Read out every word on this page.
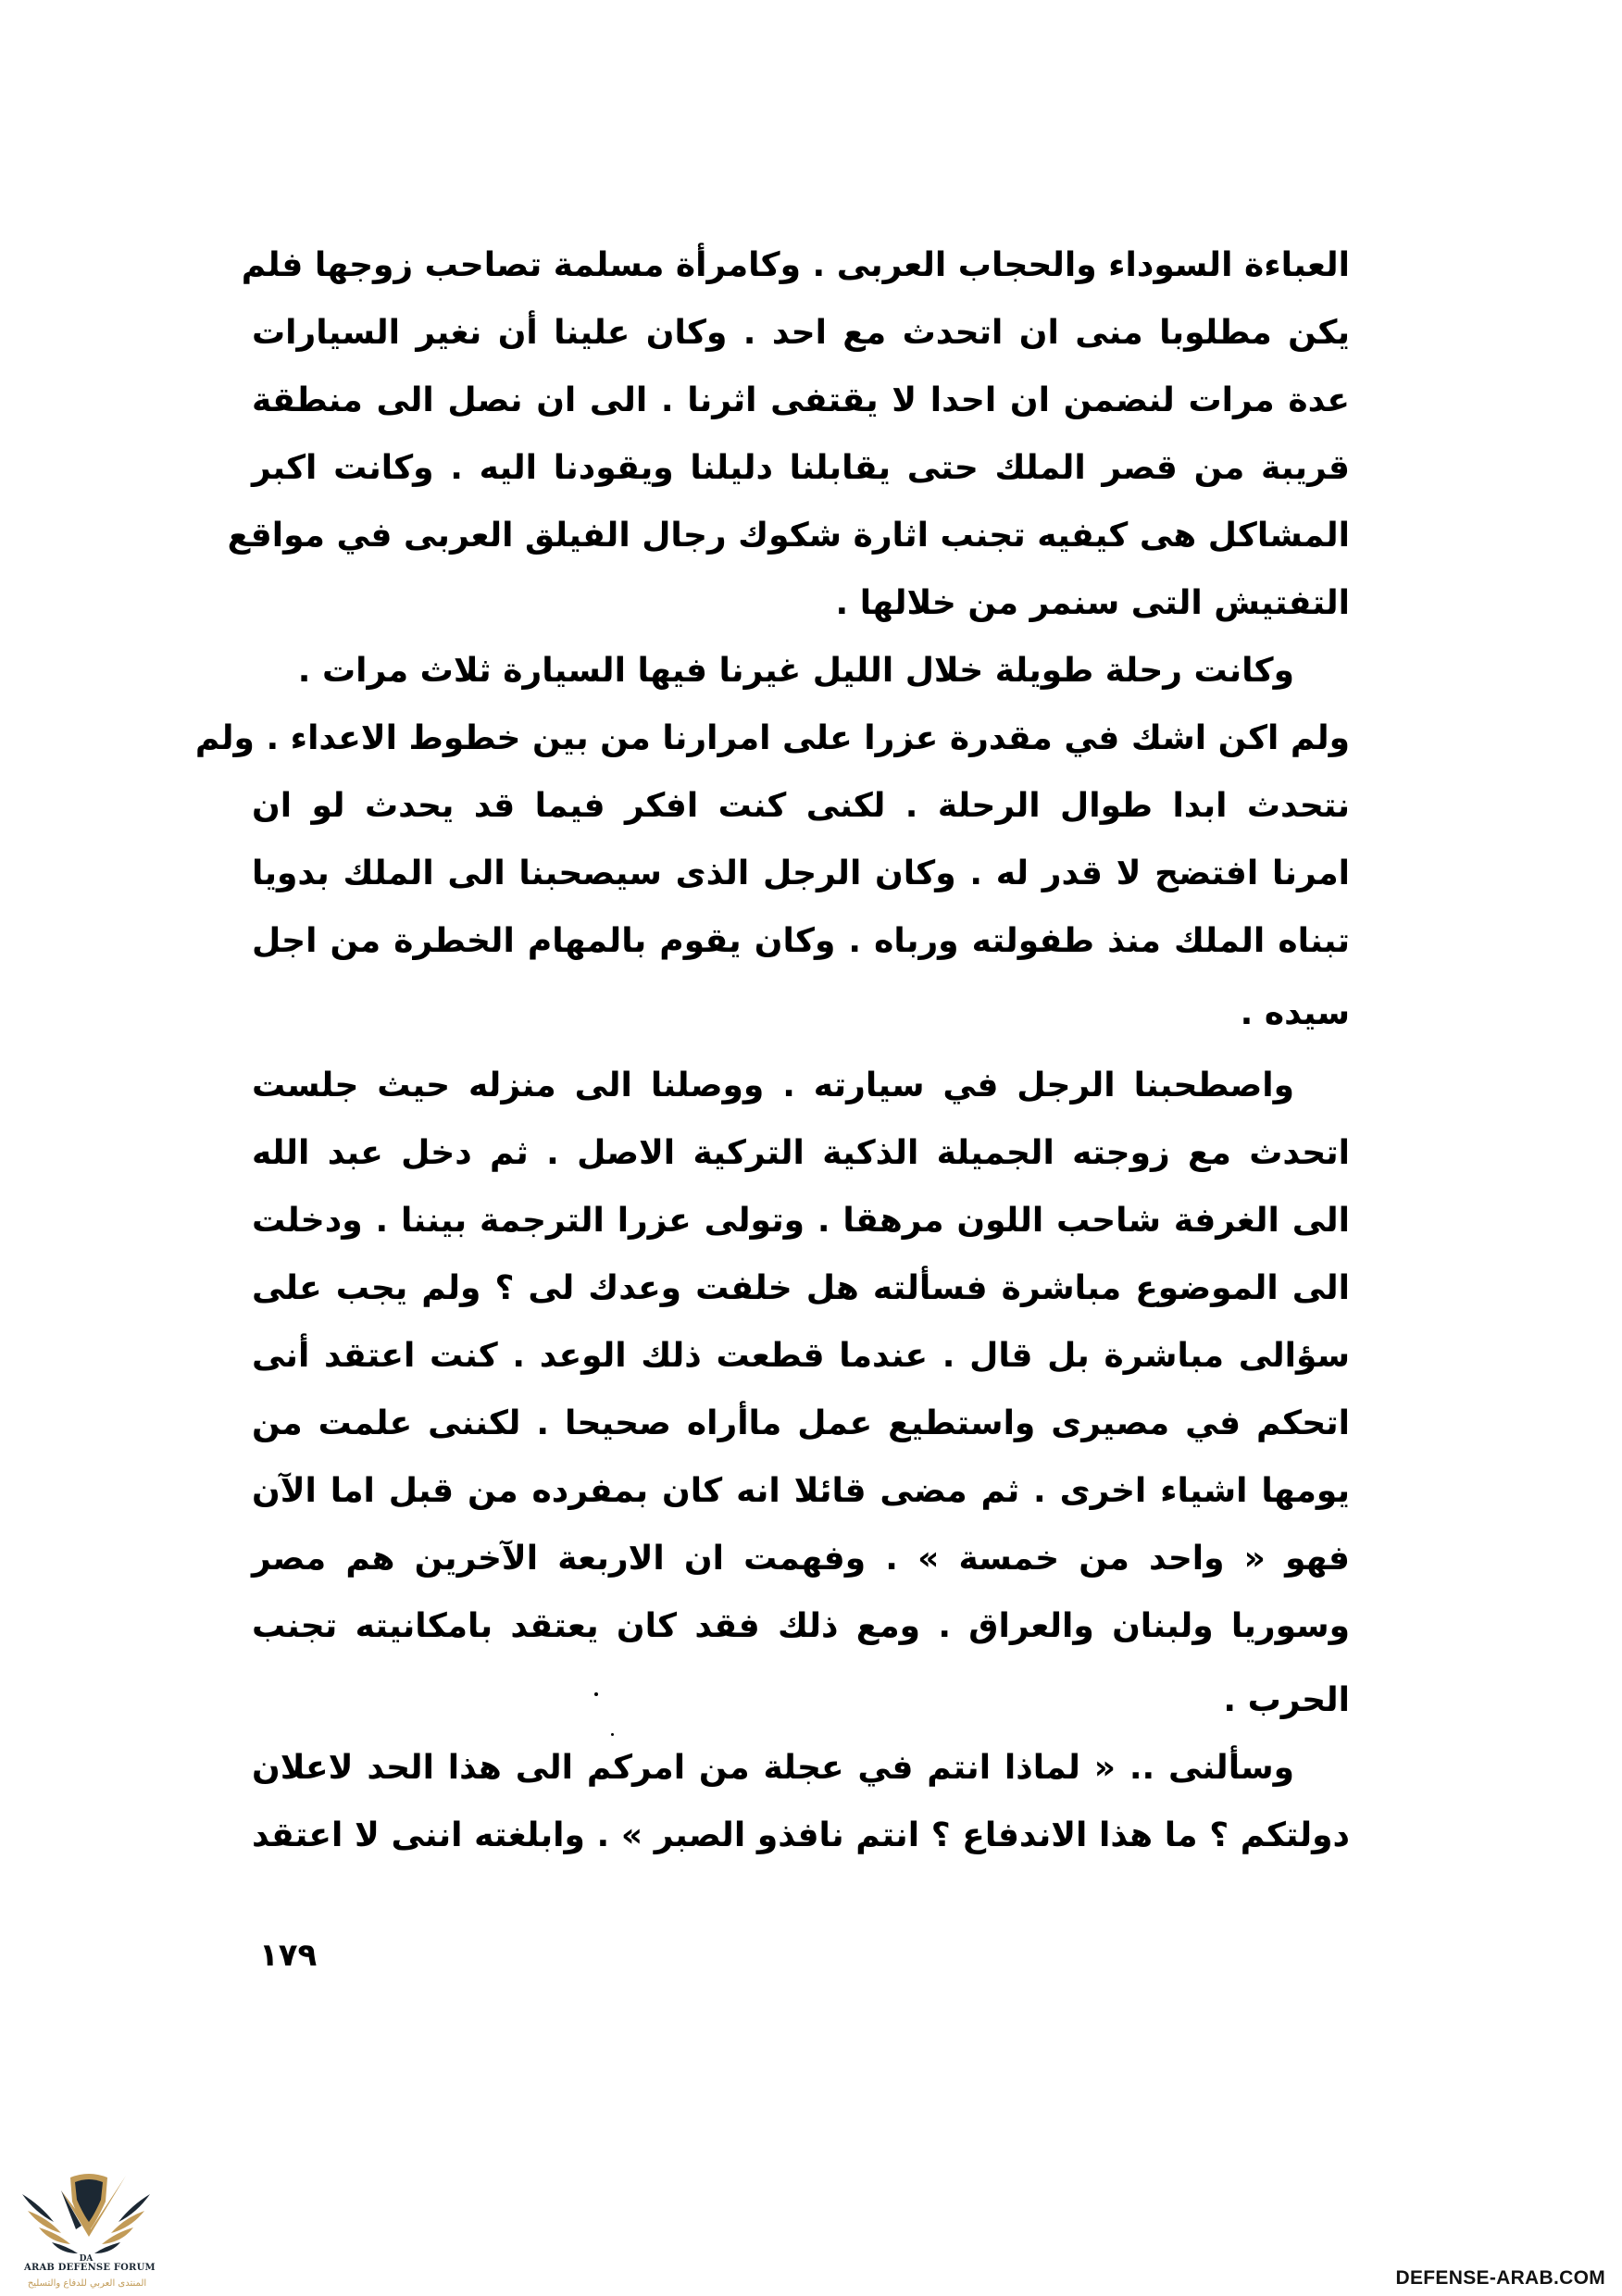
العباءة السوداء والحجاب العربى . وكامرأة مسلمة تصاحب زوجها فلم
يكن مطلوبا منى ان اتحدث مع احد . وكان علينا أن نغير السيارات
عدة مرات لنضمن ان احدا لا يقتفى اثرنا . الى ان نصل الى منطقة
قريبة من قصر الملك حتى يقابلنا دليلنا ويقودنا اليه . وكانت اكبر
المشاكل هى كيفيه تجنب اثارة شكوك رجال الفيلق العربى في مواقع
التفتيش التى سنمر من خلالها .
وكانت رحلة طويلة خلال الليل غيرنا فيها السيارة ثلاث مرات .
ولم اكن اشك في مقدرة عزرا على امرارنا من بين خطوط الاعداء . ولم
نتحدث ابدا طوال الرحلة . لكنى كنت افكر فيما قد يحدث لو ان
امرنا افتضح لا قدر له . وكان الرجل الذى سيصحبنا الى الملك بدويا
تبناه الملك منذ طفولته ورباه . وكان يقوم بالمهام الخطرة من اجل
سيده .
واصطحبنا الرجل في سيارته . ووصلنا الى منزله حيث جلست
اتحدث مع زوجته الجميلة الذكية التركية الاصل . ثم دخل عبد الله
الى الغرفة شاحب اللون مرهقا . وتولى عزرا الترجمة بيننا . ودخلت
الى الموضوع مباشرة فسألته هل خلفت وعدك لى ؟ ولم يجب على
سؤالى مباشرة بل قال . عندما قطعت ذلك الوعد . كنت اعتقد أنى
اتحكم في مصيرى واستطيع عمل ماأراه صحيحا . لكننى علمت من
يومها اشياء اخرى . ثم مضى قائلا انه كان بمفرده من قبل اما الآن
فهو « واحد من خمسة » . وفهمت ان الاربعة الآخرين هم مصر
وسوريا ولبنان والعراق . ومع ذلك فقد كان يعتقد بامكانيته تجنب
الحرب .
وسألنى .. « لماذا انتم في عجلة من امركم الى هذا الحد لاعلان
دولتكم ؟ ما هذا الاندفاع ؟ انتم نافذو الصبر » . وابلغته اننى لا اعتقد
١٧٩
DA
ARAB DEFENSE FORUM
المنتدى العربي للدفاع والتسليح	DEFENSE-ARAB.COM
